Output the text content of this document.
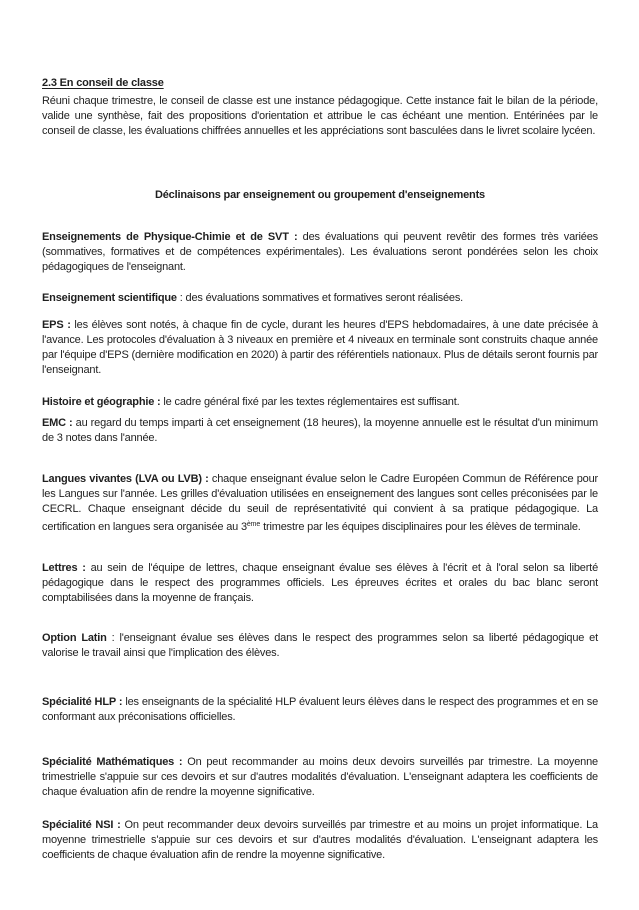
2.3 En conseil de classe
Réuni chaque trimestre, le conseil de classe est une instance pédagogique. Cette instance fait le bilan de la période, valide une synthèse, fait des propositions d'orientation et attribue le cas échéant une mention. Entérinées par le conseil de classe, les évaluations chiffrées annuelles et les appréciations sont basculées dans le livret scolaire lycéen.
Déclinaisons par enseignement ou groupement d'enseignements
Enseignements de Physique-Chimie et de SVT : des évaluations qui peuvent revêtir des formes très variées (sommatives, formatives et de compétences expérimentales). Les évaluations seront pondérées selon les choix pédagogiques de l'enseignant.
Enseignement scientifique : des évaluations sommatives et formatives seront réalisées.
EPS : les élèves sont notés, à chaque fin de cycle, durant les heures d'EPS hebdomadaires, à une date précisée à l'avance. Les protocoles d'évaluation à 3 niveaux en première et 4 niveaux en terminale sont construits chaque année par l'équipe d'EPS (dernière modification en 2020) à partir des référentiels nationaux. Plus de détails seront fournis par l'enseignant.
Histoire et géographie : le cadre général fixé par les textes réglementaires est suffisant.
EMC : au regard du temps imparti à cet enseignement (18 heures), la moyenne annuelle est le résultat d'un minimum de 3 notes dans l'année.
Langues vivantes (LVA ou LVB) : chaque enseignant évalue selon le Cadre Européen Commun de Référence pour les Langues sur l'année. Les grilles d'évaluation utilisées en enseignement des langues sont celles préconisées par le CECRL. Chaque enseignant décide du seuil de représentativité qui convient à sa pratique pédagogique. La certification en langues sera organisée au 3ème trimestre par les équipes disciplinaires pour les élèves de terminale.
Lettres : au sein de l'équipe de lettres, chaque enseignant évalue ses élèves à l'écrit et à l'oral selon sa liberté pédagogique dans le respect des programmes officiels. Les épreuves écrites et orales du bac blanc seront comptabilisées dans la moyenne de français.
Option Latin : l'enseignant évalue ses élèves dans le respect des programmes selon sa liberté pédagogique et valorise le travail ainsi que l'implication des élèves.
Spécialité HLP : les enseignants de la spécialité HLP évaluent leurs élèves dans le respect des programmes et en se conformant aux préconisations officielles.
Spécialité Mathématiques : On peut recommander au moins deux devoirs surveillés par trimestre. La moyenne trimestrielle s'appuie sur ces devoirs et sur d'autres modalités d'évaluation. L'enseignant adaptera les coefficients de chaque évaluation afin de rendre la moyenne significative.
Spécialité NSI : On peut recommander deux devoirs surveillés par trimestre et au moins un projet informatique. La moyenne trimestrielle s'appuie sur ces devoirs et sur d'autres modalités d'évaluation. L'enseignant adaptera les coefficients de chaque évaluation afin de rendre la moyenne significative.
